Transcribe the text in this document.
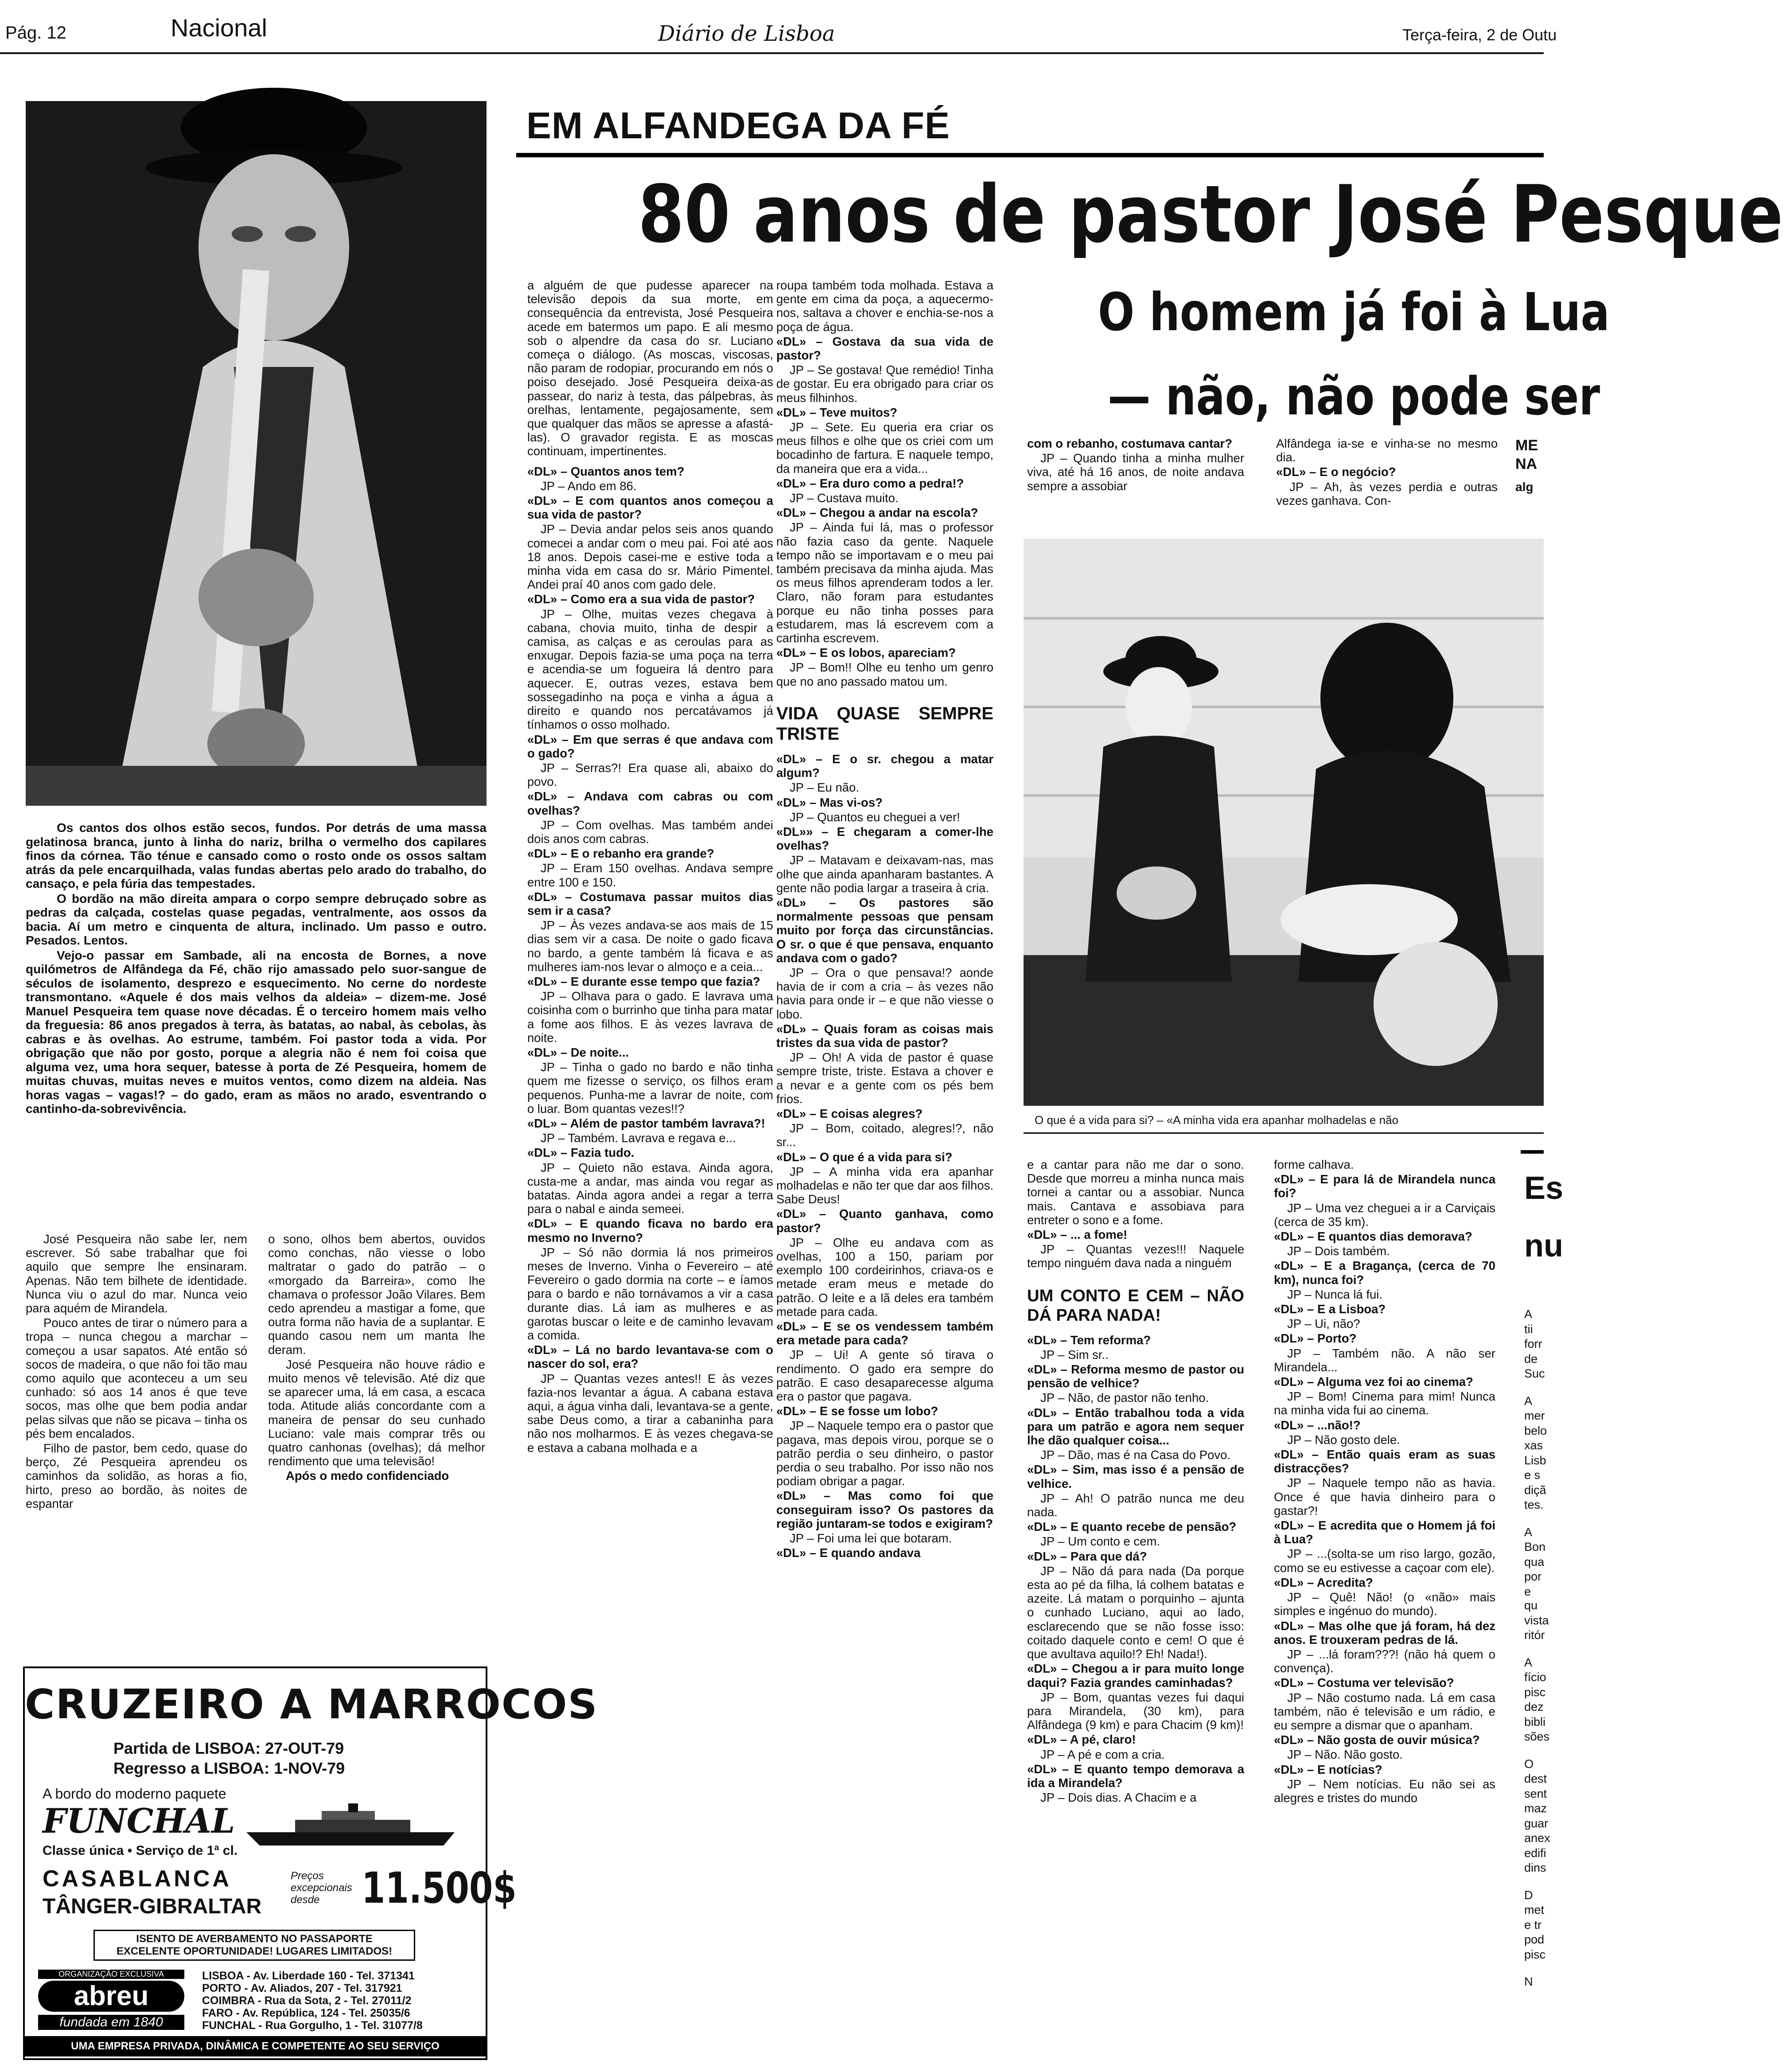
Pág. 12	Nacional	Diário de Lisboa	Terça-feira, 2 de Outu
EM ALFANDEGA DA FÉ
80 anos de pastor José Pesque
O homem já foi à Lua
— não, não pode ser

Os cantos dos olhos estão secos, fundos. Por detrás de uma massa gelatinosa branca, junto à linha do nariz, brilha o vermelho dos capilares finos da córnea. Tão ténue e cansado como o rosto onde os ossos saltam atrás da pele encarquilhada, valas fundas abertas pelo arado do trabalho, do cansaço, e pela fúria das tempestades.

O bordão na mão direita ampara o corpo sempre debruçado sobre as pedras da calçada, costelas quase pegadas, ventralmente, aos ossos da bacia. Aí um metro e cinquenta de altura, inclinado. Um passo e outro. Pesados. Lentos.

Vejo-o passar em Sambade, ali na encosta de Bornes, a nove quilómetros de Alfândega da Fé, chão rijo amassado pelo suor-sangue de séculos de isolamento, desprezo e esquecimento. No cerne do nordeste transmontano. «Aquele é dos mais velhos da aldeia» – dizem-me. José Manuel Pesqueira tem quase nove décadas. É o terceiro homem mais velho da freguesia: 86 anos pregados à terra, às batatas, ao nabal, às cebolas, às cabras e às ovelhas. Ao estrume, também. Foi pastor toda a vida. Por obrigação que não por gosto, porque a alegria não é nem foi coisa que alguma vez, uma hora sequer, batesse à porta de Zé Pesqueira, homem de muitas chuvas, muitas neves e muitos ventos, como dizem na aldeia. Nas horas vagas – vagas!? – do gado, eram as mãos no arado, esventrando o cantinho-da-sobrevivência.

José Pesqueira não sabe ler, nem escrever. Só sabe trabalhar que foi aquilo que sempre lhe ensinaram. Apenas. Não tem bilhete de identidade. Nunca viu o azul do mar. Nunca veio para aquém de Mirandela.

Pouco antes de tirar o número para a tropa – nunca chegou a marchar – começou a usar sapatos. Até então só socos de madeira, o que não foi tão mau como aquilo que aconteceu a um seu cunhado: só aos 14 anos é que teve socos, mas olhe que bem podia andar pelas silvas que não se picava – tinha os pés bem encalados.

Filho de pastor, bem cedo, quase do berço, Zé Pesqueira aprendeu os caminhos da solidão, as horas a fio, hirto, preso ao bordão, às noites de espantar

o sono, olhos bem abertos, ouvidos como conchas, não viesse o lobo maltratar o gado do patrão – o «morgado da Barreira», como lhe chamava o professor João Vilares. Bem cedo aprendeu a mastigar a fome, que outra forma não havia de a suplantar. E quando casou nem um manta lhe deram.

José Pesqueira não houve rádio e muito menos vê televisão. Até diz que se aparecer uma, lá em casa, a escaca toda. Atitude aliás concordante com a maneira de pensar do seu cunhado Luciano: vale mais comprar três ou quatro canhonas (ovelhas); dá melhor rendimento que uma televisão!

Após o medo confidenciado

CRUZEIRO A MARROCOS
Partida de LISBOA: 27-OUT-79
Regresso a LISBOA: 1-NOV-79
A bordo do moderno paquete
FUNCHAL
Classe única • Serviço de 1ª cl.
CASABLANCA
TÂNGER-GIBRALTAR
Preços excepcionais desde 11.500$
ISENTO DE AVERBAMENTO NO PASSAPORTE
EXCELENTE OPORTUNIDADE! LUGARES LIMITADOS!
ORGANIZAÇÃO EXCLUSIVA
abreu
fundada em 1840
LISBOA - Av. Liberdade 160 - Tel. 371341
PORTO - Av. Aliados, 207 - Tel. 317921
COIMBRA - Rua da Sota, 2 - Tel. 27011/2
FARO - Av. República, 124 - Tel. 25035/6
FUNCHAL - Rua Gorgulho, 1 - Tel. 31077/8
UMA EMPRESA PRIVADA, DINÂMICA E COMPETENTE AO SEU SERVIÇO

a alguém de que pudesse aparecer na televisão depois da sua morte, em consequência da entrevista, José Pesqueira acede em batermos um papo. E ali mesmo sob o alpendre da casa do sr. Luciano começa o diálogo. (As moscas, viscosas, não param de rodopiar, procurando em nós o poiso desejado. José Pesqueira deixa-as passear, do nariz à testa, das pálpebras, às orelhas, lentamente, pegajosamente, sem que qualquer das mãos se apresse a afastá-las). O gravador regista. E as moscas continuam, impertinentes.

«DL» – Quantos anos tem?

JP – Ando em 86.

«DL» – E com quantos anos começou a sua vida de pastor?

JP – Devia andar pelos seis anos quando comecei a andar com o meu pai. Foi até aos 18 anos. Depois casei-me e estive toda a minha vida em casa do sr. Mário Pimentel. Andei praí 40 anos com gado dele.

«DL» – Como era a sua vida de pastor?

JP – Olhe, muitas vezes chegava à cabana, chovia muito, tinha de despir a camisa, as calças e as ceroulas para as enxugar. Depois fazia-se uma poça na terra e acendia-se um fogueira lá dentro para aquecer. E, outras vezes, estava bem sossegadinho na poça e vinha a água a direito e quando nos percatávamos já tínhamos o osso molhado.

«DL» – Em que serras é que andava com o gado?

JP – Serras?! Era quase ali, abaixo do povo.

«DL» – Andava com cabras ou com ovelhas?

JP – Com ovelhas. Mas também andei dois anos com cabras.

«DL» – E o rebanho era grande?

JP – Eram 150 ovelhas. Andava sempre entre 100 e 150.

«DL» – Costumava passar muitos dias sem ir a casa?

JP – Às vezes andava-se aos mais de 15 dias sem vir a casa. De noite o gado ficava no bardo, a gente também lá ficava e as mulheres iam-nos levar o almoço e a ceia...

«DL» – E durante esse tempo que fazia?

JP – Olhava para o gado. E lavrava uma coisinha com o burrinho que tinha para matar a fome aos filhos. E às vezes lavrava de noite.

«DL» – De noite...

JP – Tinha o gado no bardo e não tinha quem me fizesse o serviço, os filhos eram pequenos. Punha-me a lavrar de noite, com o luar. Bom quantas vezes!!?

«DL» – Além de pastor também lavrava?!

JP – Também. Lavrava e regava e...

«DL» – Fazia tudo.

JP – Quieto não estava. Ainda agora, custa-me a andar, mas ainda vou regar as batatas. Ainda agora andei a regar a terra para o nabal e ainda semeei.

«DL» – E quando ficava no bardo era mesmo no Inverno?

JP – Só não dormia lá nos primeiros meses de Inverno. Vinha o Fevereiro – até Fevereiro o gado dormia na corte – e íamos para o bardo e não tornávamos a vir a casa durante dias. Lá iam as mulheres e as garotas buscar o leite e de caminho levavam a comida.

«DL» – Lá no bardo levantava-se com o nascer do sol, era?

JP – Quantas vezes antes!! E às vezes fazia-nos levantar a água. A cabana estava aqui, a água vinha dali, levantava-se a gente, sabe Deus como, a tirar a cabaninha para não nos molharmos. E às vezes chegava-se e estava a cabana molhada e a

roupa também toda molhada. Estava a gente em cima da poça, a aquecermo-nos, saltava a chover e enchia-se-nos a poça de água.

«DL» – Gostava da sua vida de pastor?

JP – Se gostava! Que remédio! Tinha de gostar. Eu era obrigado para criar os meus filhinhos.

«DL» – Teve muitos?

JP – Sete. Eu queria era criar os meus filhos e olhe que os criei com um bocadinho de fartura. E naquele tempo, da maneira que era a vida...

«DL» – Era duro como a pedra!?

JP – Custava muito.

«DL» – Chegou a andar na escola?

JP – Ainda fui lá, mas o professor não fazia caso da gente. Naquele tempo não se importavam e o meu pai também precisava da minha ajuda. Mas os meus filhos aprenderam todos a ler. Claro, não foram para estudantes porque eu não tinha posses para estudarem, mas lá escrevem com a cartinha escrevem.

«DL» – E os lobos, apareciam?

JP – Bom!! Olhe eu tenho um genro que no ano passado matou um.

VIDA QUASE SEMPRE TRISTE

«DL» – E o sr. chegou a matar algum?

JP – Eu não.

«DL» – Mas vi-os?

JP – Quantos eu cheguei a ver!

«DL»» – E chegaram a comer-lhe ovelhas?

JP – Matavam e deixavam-nas, mas olhe que ainda apanharam bastantes. A gente não podia largar a traseira à cria.

«DL» – Os pastores são normalmente pessoas que pensam muito por força das circunstâncias. O sr. o que é que pensava, enquanto andava com o gado?

JP – Ora o que pensava!? aonde havia de ir com a cria – às vezes não havia para onde ir – e que não viesse o lobo.

«DL» – Quais foram as coisas mais tristes da sua vida de pastor?

JP – Oh! A vida de pastor é quase sempre triste, triste. Estava a chover e a nevar e a gente com os pés bem frios.

«DL» – E coisas alegres?

JP – Bom, coitado, alegres!?, não sr...

«DL» – O que é a vida para si?

JP – A minha vida era apanhar molhadelas e não ter que dar aos filhos. Sabe Deus!

«DL» – Quanto ganhava, como pastor?

JP – Olhe eu andava com as ovelhas, 100 a 150, pariam por exemplo 100 cordeirinhos, criava-os e metade eram meus e metade do patrão. O leite e a lã deles era também metade para cada.

«DL» – E se os vendessem também era metade para cada?

JP – Ui! A gente só tirava o rendimento. O gado era sempre do patrão. E caso desaparecesse alguma era o pastor que pagava.

«DL» – E se fosse um lobo?

JP – Naquele tempo era o pastor que pagava, mas depois virou, porque se o patrão perdia o seu dinheiro, o pastor perdia o seu trabalho. Por isso não nos podiam obrigar a pagar.

«DL» – Mas como foi que conseguiram isso? Os pastores da região juntaram-se todos e exigiram?

JP – Foi uma lei que botaram.

«DL» – E quando andava

com o rebanho, costumava cantar?

JP – Quando tinha a minha mulher viva, até há 16 anos, de noite andava sempre a assobiar

Alfândega ia-se e vinha-se no mesmo dia.

«DL» – E o negócio?

JP – Ah, às vezes perdia e outras vezes ganhava. Con-

ME

NA

alg

O que é a vida para si? – «A minha vida era apanhar molhadelas e não

e a cantar para não me dar o sono. Desde que morreu a minha nunca mais tornei a cantar ou a assobiar. Nunca mais. Cantava e assobiava para entreter o sono e a fome.

«DL» – ... a fome!

JP – Quantas vezes!!! Naquele tempo ninguém dava nada a ninguém

UM CONTO E CEM – NÃO DÁ PARA NADA!

«DL» – Tem reforma?

JP – Sim sr..

«DL» – Reforma mesmo de pastor ou pensão de velhice?

JP – Não, de pastor não tenho.

«DL» – Então trabalhou toda a vida para um patrão e agora nem sequer lhe dão qualquer coisa...

JP – Dão, mas é na Casa do Povo.

«DL» – Sim, mas isso é a pensão de velhice.

JP – Ah! O patrão nunca me deu nada.

«DL» – E quanto recebe de pensão?

JP – Um conto e cem.

«DL» – Para que dá?

JP – Não dá para nada (Da porque esta ao pé da filha, lá colhem batatas e azeite. Lá matam o porquinho – ajunta o cunhado Luciano, aqui ao lado, esclarecendo que se não fosse isso: coitado daquele conto e cem! O que é que avultava aquilo!? Eh! Nada!).

«DL» – Chegou a ir para muito longe daqui? Fazia grandes caminhadas?

JP – Bom, quantas vezes fui daqui para Mirandela, (30 km), para Alfândega (9 km) e para Chacim (9 km)!

«DL» – A pé, claro!

JP – A pé e com a cria.

«DL» – E quanto tempo demorava a ida a Mirandela?

JP – Dois dias. A Chacim e a

forme calhava.

«DL» – E para lá de Mirandela nunca foi?

JP – Uma vez cheguei a ir a Carviçais (cerca de 35 km).

«DL» – E quantos dias demorava?

JP – Dois também.

«DL» – E a Bragança, (cerca de 70 km), nunca foi?

JP – Nunca lá fui.

«DL» – E a Lisboa?

JP – Ui, não?

«DL» – Porto?

JP – Também não. A não ser Mirandela...

«DL» – Alguma vez foi ao cinema?

JP – Bom! Cinema para mim! Nunca na minha vida fui ao cinema.

«DL» – ...não!?

JP – Não gosto dele.

«DL» – Então quais eram as suas distracções?

JP – Naquele tempo não as havia. Once é que havia dinheiro para o gastar?!

«DL» – E acredita que o Homem já foi à Lua?

JP – ...(solta-se um riso largo, gozão, como se eu estivesse a caçoar com ele).

«DL» – Acredita?

JP – Quê! Não! (o «não» mais simples e ingénuo do mundo).

«DL» – Mas olhe que já foram, há dez anos. E trouxeram pedras de lá.

JP – ...lá foram???! (não há quem o convença).

«DL» – Costuma ver televisão?

JP – Não costumo nada. Lá em casa também, não é televisão e um rádio, e eu sempre a dismar que o apanham.

«DL» – Não gosta de ouvir música?

JP – Não. Não gosto.

«DL» – E notícias?

JP – Nem notícias. Eu não sei as alegres e tristes do mundo

Es
nu

A

tii

forr

de

Suc

A

mer

belo

xas

Lisb

e s

diçã

tes.

A

Bon

qua

por

e qu

vista

ritór

A

fício

pisc

dez

bibli

sões

O

dest

sent

maz

guar

anex

edifi

dins

D

met

e tr

pod

pisc

N
